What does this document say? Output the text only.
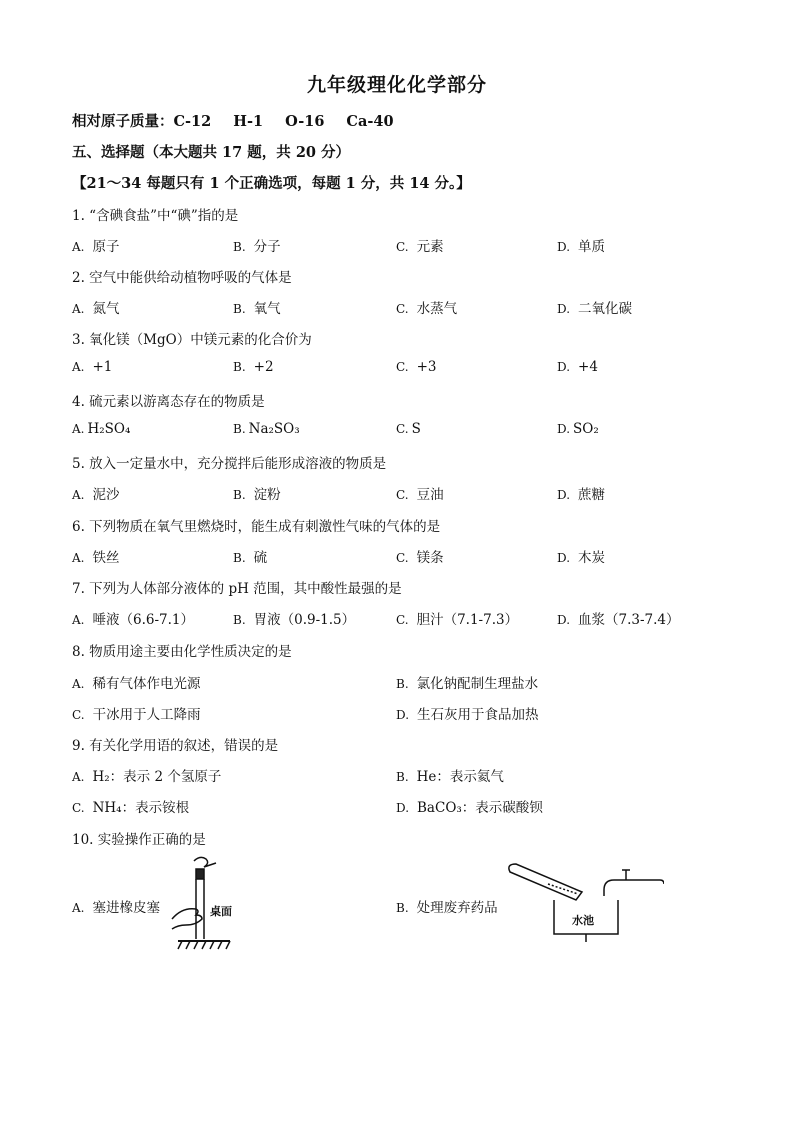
九年级理化化学部分
相对原子质量：C-12 H-1 O-16 Ca-40
五、选择题（本大题共 17 题，共 20 分）
【21～34 每题只有 1 个正确选项，每题 1 分，共 14 分。】
1. “含碘食盐”中“碘”指的是
A. 原子	B. 分子	C. 元素	D. 单质
2. 空气中能供给动植物呼吸的气体是
A. 氮气	B. 氧气	C. 水蒸气	D. 二氧化碳
3. 氧化镁（MgO）中镁元素的化合价为
A. +1	B. +2	C. +3	D. +4
4. 硫元素以游离态存在的物质是
A. H₂SO₄	B. Na₂SO₃	C. S	D. SO₂
5. 放入一定量水中，充分搅拌后能形成溶液的物质是
A. 泥沙	B. 淀粉	C. 豆油	D. 蔗糖
6. 下列物质在氧气里燃烧时，能生成有刺激性气味的气体的是
A. 铁丝	B. 硫	C. 镁条	D. 木炭
7. 下列为人体部分液体的 pH 范围，其中酸性最强的是
A. 唾液（6.6-7.1）	B. 胃液（0.9-1.5）	C. 胆汁（7.1-7.3）	D. 血浆（7.3-7.4）
8. 物质用途主要由化学性质决定的是
A. 稀有气体作电光源	B. 氯化钠配制生理盐水
C. 干冰用于人工降雨	D. 生石灰用于食品加热
9. 有关化学用语的叙述，错误的是
A. H₂：表示 2 个氢原子	B. He：表示氦气
C. NH₄：表示铵根	D. BaCO₃：表示碳酸钡
10. 实验操作正确的是
A. 塞进橡皮塞	B. 处理废弃药品
桌面
水池
